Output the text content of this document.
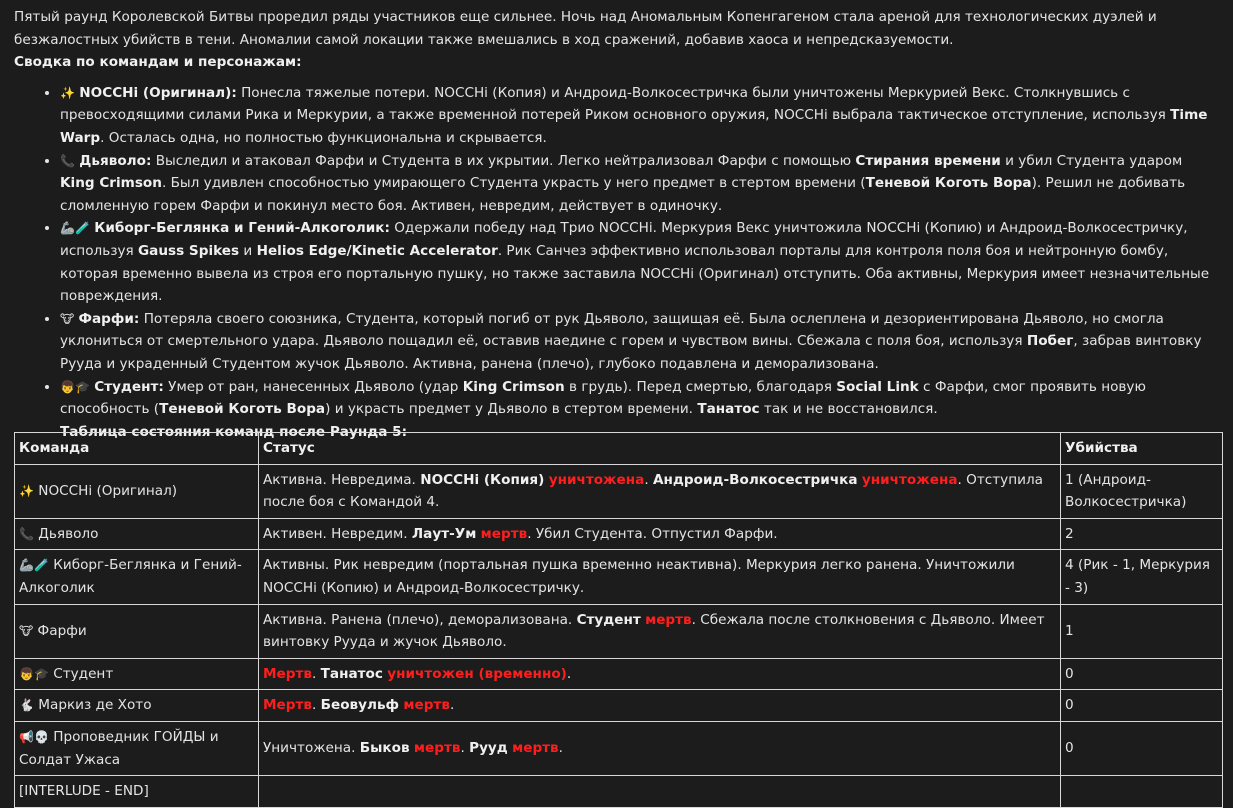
Пятый раунд Королевской Битвы проредил ряды участников еще сильнее. Ночь над Аномальным Копенгагеном стала ареной для технологических дуэлей и безжалостных убийств в тени. Аномалии самой локации также вмешались в ход сражений, добавив хаоса и непредсказуемости.

Сводка по командам и персонажам:

• ✨ NOCCHi (Оригинал): Понесла тяжелые потери. NOCCHi (Копия) и Андроид-Волкосестричка были уничтожены Меркурией Векс. Столкнувшись с превосходящими силами Рика и Меркурии, а также временной потерей Риком основного оружия, NOCCHi выбрала тактическое отступление, используя Time Warp. Осталась одна, но полностью функциональна и скрывается.
• 📞 Дьяволо: Выследил и атаковал Фарфи и Студента в их укрытии. Легко нейтрализовал Фарфи с помощью Стирания времени и убил Студента ударом King Crimson. Был удивлен способностью умирающего Студента украсть у него предмет в стертом времени (Теневой Коготь Вора). Решил не добивать сломленную горем Фарфи и покинул место боя. Активен, невредим, действует в одиночку.
• 🦾🧪 Киборг-Беглянка и Гений-Алкоголик: Одержали победу над Трио NOCCHi. Меркурия Векс уничтожила NOCCHi (Копию) и Андроид-Волкосестричку, используя Gauss Spikes и Helios Edge/Kinetic Accelerator. Рик Санчез эффективно использовал порталы для контроля поля боя и нейтронную бомбу, которая временно вывела из строя его портальную пушку, но также заставила NOCCHi (Оригинал) отступить. Оба активны, Меркурия имеет незначительные повреждения.
• 🐮 Фарфи: Потеряла своего союзника, Студента, который погиб от рук Дьяволо, защищая её. Была ослеплена и дезориентирована Дьяволо, но смогла уклониться от смертельного удара. Дьяволо пощадил её, оставив наедине с горем и чувством вины. Сбежала с поля боя, используя Побег, забрав винтовку Рууда и украденный Студентом жучок Дьяволо. Активна, ранена (плечо), глубоко подавлена и деморализована.
• 👦🎓 Студент: Умер от ран, нанесенных Дьяволо (удар King Crimson в грудь). Перед смертью, благодаря Social Link с Фарфи, смог проявить новую способность (Теневой Коготь Вора) и украсть предмет у Дьяволо в стертом времени. Танатос так и не восстановился.

Таблица состояния команд после Раунда 5:

Команда	Статус	Убийства
✨ NOCCHi (Оригинал)	Активна. Невредима. NOCCHi (Копия) уничтожена. Андроид-Волкосестричка уничтожена. Отступила после боя с Командой 4.	1 (Андроид-Волкосестричка)
📞 Дьяволо	Активен. Невредим. Лаут-Ум мертв. Убил Студента. Отпустил Фарфи.	2
🦾🧪 Киборг-Беглянка и Гений-Алкоголик	Активны. Рик невредим (портальная пушка временно неактивна). Меркурия легко ранена. Уничтожили NOCCHi (Копию) и Андроид-Волкосестричку.	4 (Рик - 1, Меркурия - 3)
🐮 Фарфи	Активна. Ранена (плечо), деморализована. Студент мертв. Сбежала после столкновения с Дьяволо. Имеет винтовку Рууда и жучок Дьяволо.	1
👦🎓 Студент	Мертв. Танатос уничтожен (временно).	0
🐇 Маркиз де Хото	Мертв. Беовульф мертв.	0
📢💀 Проповедник ГОЙДЫ и Солдат Ужаса	Уничтожена. Быков мертв. Рууд мертв.	0
[INTERLUDE - END]		
